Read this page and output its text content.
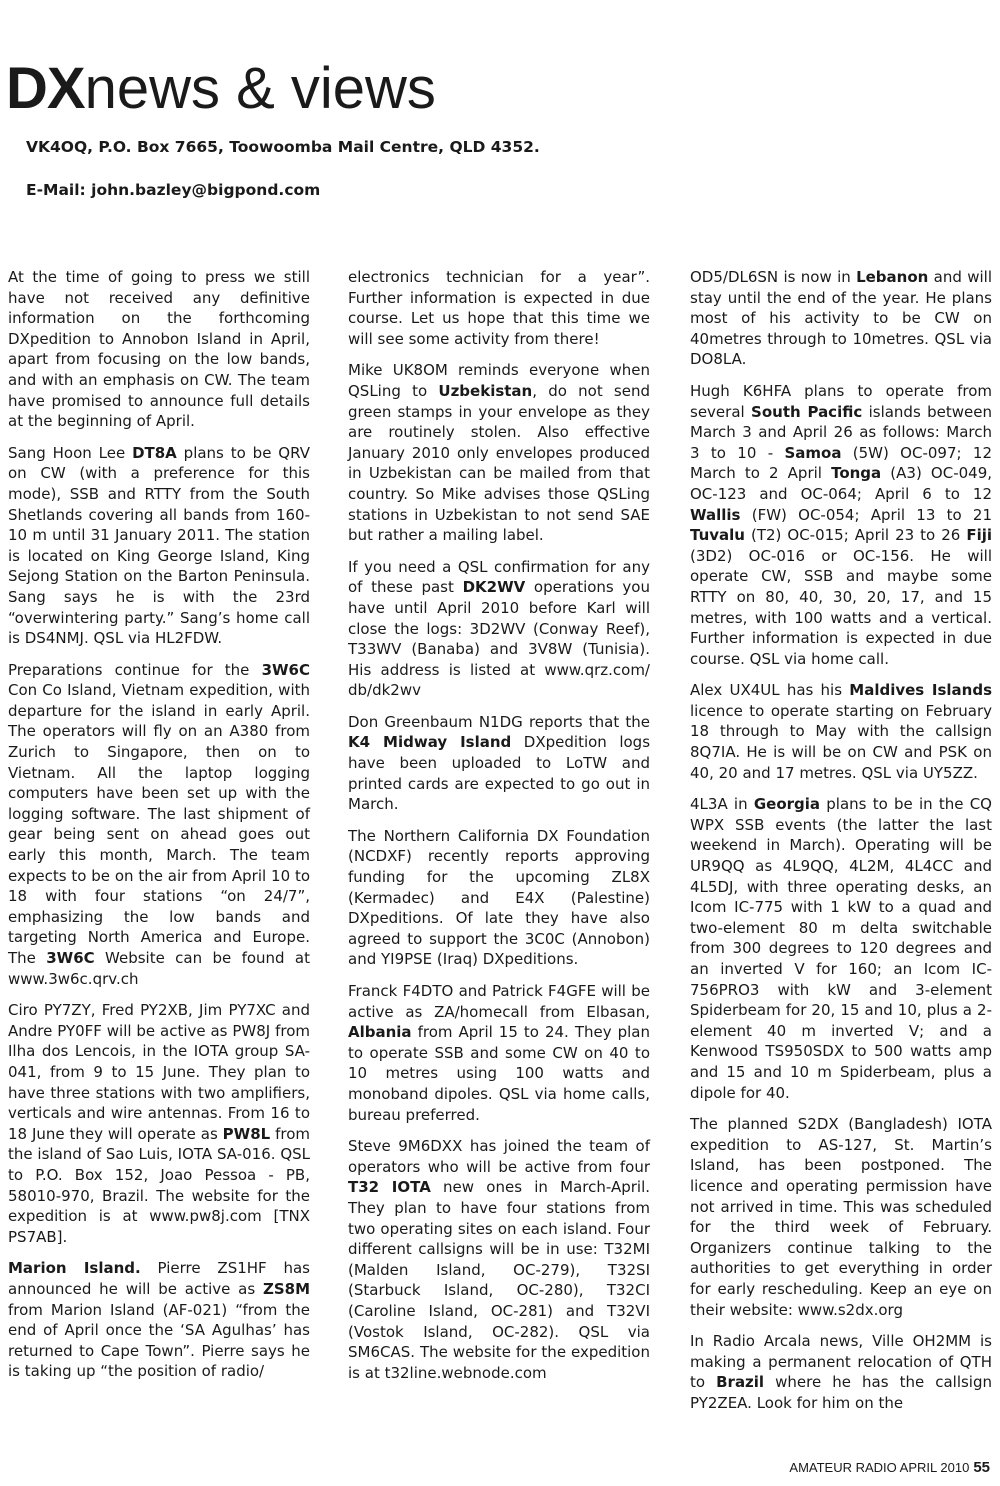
DXnews & views

VK4OQ, P.O. Box 7665, Toowoomba Mail Centre, QLD 4352.

E-Mail: john.bazley@bigpond.com

At the time of going to press we still have not received any definitive information on the forthcoming DXpedition to Annobon Island in April, apart from focusing on the low bands, and with an emphasis on CW. The team have promised to announce full details at the beginning of April.

Sang Hoon Lee DT8A plans to be QRV on CW (with a preference for this mode), SSB and RTTY from the South Shetlands covering all bands from 160-10 m until 31 January 2011. The station is located on King George Island, King Sejong Station on the Barton Peninsula. Sang says he is with the 23rd “overwintering party.” Sang’s home call is DS4NMJ. QSL via HL2FDW.

Preparations continue for the 3W6C Con Co Island, Vietnam expedition, with departure for the island in early April. The operators will fly on an A380 from Zurich to Singapore, then on to Vietnam. All the laptop logging computers have been set up with the logging software. The last shipment of gear being sent on ahead goes out early this month, March. The team expects to be on the air from April 10 to 18 with four stations “on 24/7”, emphasizing the low bands and targeting North America and Europe. The 3W6C Website can be found at www.3w6c.qrv.ch

Ciro PY7ZY, Fred PY2XB, Jim PY7XC and Andre PY0FF will be active as PW8J from Ilha dos Lencois, in the IOTA group SA-041, from 9 to 15 June. They plan to have three stations with two amplifiers, verticals and wire antennas. From 16 to 18 June they will operate as PW8L from the island of Sao Luis, IOTA SA-016. QSL to P.O. Box 152, Joao Pessoa - PB, 58010-970, Brazil. The website for the expedition is at www.pw8j.com [TNX PS7AB].

Marion Island. Pierre ZS1HF has announced he will be active as ZS8M from Marion Island (AF-021) “from the end of April once the ‘SA Agulhas’ has returned to Cape Town”. Pierre says he is taking up “the position of radio/

electronics technician for a year”. Further information is expected in due course. Let us hope that this time we will see some activity from there!

Mike UK8OM reminds everyone when QSLing to Uzbekistan, do not send green stamps in your envelope as they are routinely stolen. Also effective January 2010 only envelopes produced in Uzbekistan can be mailed from that country. So Mike advises those QSLing stations in Uzbekistan to not send SAE but rather a mailing label.

If you need a QSL confirmation for any of these past DK2WV operations you have until April 2010 before Karl will close the logs: 3D2WV (Conway Reef), T33WV (Banaba) and 3V8W (Tunisia). His address is listed at www.qrz.com/ db/dk2wv

Don Greenbaum N1DG reports that the K4 Midway Island DXpedition logs have been uploaded to LoTW and printed cards are expected to go out in March.

The Northern California DX Foundation (NCDXF) recently reports approving funding for the upcoming ZL8X (Kermadec) and E4X (Palestine) DXpeditions. Of late they have also agreed to support the 3C0C (Annobon) and YI9PSE (Iraq) DXpeditions.

Franck F4DTO and Patrick F4GFE will be active as ZA/homecall from Elbasan, Albania from April 15 to 24. They plan to operate SSB and some CW on 40 to 10 metres using 100 watts and monoband dipoles. QSL via home calls, bureau preferred.

Steve 9M6DXX has joined the team of operators who will be active from four T32 IOTA new ones in March-April. They plan to have four stations from two operating sites on each island. Four different callsigns will be in use: T32MI (Malden Island, OC-279), T32SI (Starbuck Island, OC-280), T32CI (Caroline Island, OC-281) and T32VI (Vostok Island, OC-282). QSL via SM6CAS. The website for the expedition is at t32line.webnode.com

OD5/DL6SN is now in Lebanon and will stay until the end of the year. He plans most of his activity to be CW on 40metres through to 10metres. QSL via DO8LA.

Hugh K6HFA plans to operate from several South Pacific islands between March 3 and April 26 as follows: March 3 to 10 - Samoa (5W) OC-097; 12 March to 2 April Tonga (A3) OC-049, OC-123 and OC-064; April 6 to 12 Wallis (FW) OC-054; April 13 to 21 Tuvalu (T2) OC-015; April 23 to 26 Fiji (3D2) OC-016 or OC-156. He will operate CW, SSB and maybe some RTTY on 80, 40, 30, 20, 17, and 15 metres, with 100 watts and a vertical. Further information is expected in due course. QSL via home call.

Alex UX4UL has his Maldives Islands licence to operate starting on February 18 through to May with the callsign 8Q7IA. He is will be on CW and PSK on 40, 20 and 17 metres. QSL via UY5ZZ.

4L3A in Georgia plans to be in the CQ WPX SSB events (the latter the last weekend in March). Operating will be UR9QQ as 4L9QQ, 4L2M, 4L4CC and 4L5DJ, with three operating desks, an Icom IC-775 with 1 kW to a quad and two-element 80 m delta switchable from 300 degrees to 120 degrees and an inverted V for 160; an Icom IC-756PRO3 with kW and 3-element Spiderbeam for 20, 15 and 10, plus a 2-element 40 m inverted V; and a Kenwood TS950SDX to 500 watts amp and 15 and 10 m Spiderbeam, plus a dipole for 40.

The planned S2DX (Bangladesh) IOTA expedition to AS-127, St. Martin’s Island, has been postponed. The licence and operating permission have not arrived in time. This was scheduled for the third week of February. Organizers continue talking to the authorities to get everything in order for early rescheduling. Keep an eye on their website: www.s2dx.org

In Radio Arcala news, Ville OH2MM is making a permanent relocation of QTH to Brazil where he has the callsign PY2ZEA. Look for him on the

AMATEUR RADIO APRIL 2010 55
